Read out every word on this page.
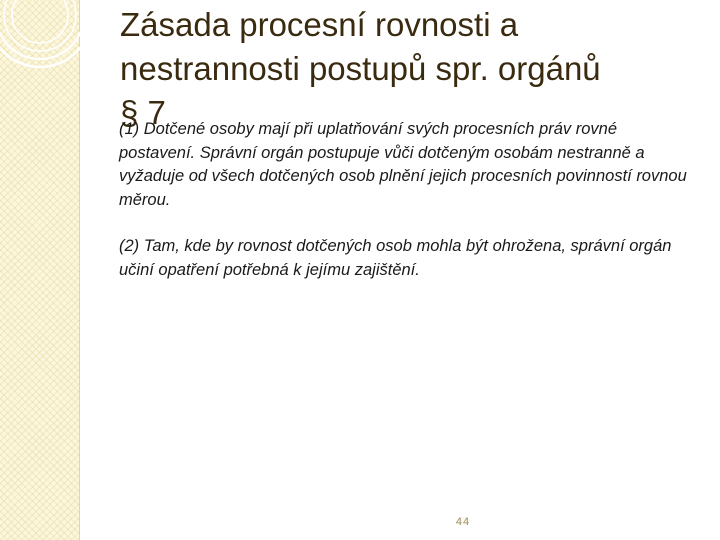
Zásada procesní rovnosti a
nestrannosti postupů spr. orgánů
§ 7

(1) Dotčené osoby mají při uplatňování svých procesních práv rovné postavení. Správní orgán postupuje vůči dotčeným osobám nestranně a vyžaduje od všech dotčených osob plnění jejich procesních povinností rovnou měrou.

(2) Tam, kde by rovnost dotčených osob mohla být ohrožena, správní orgán učiní opatření potřebná k jejímu zajištění.

44
